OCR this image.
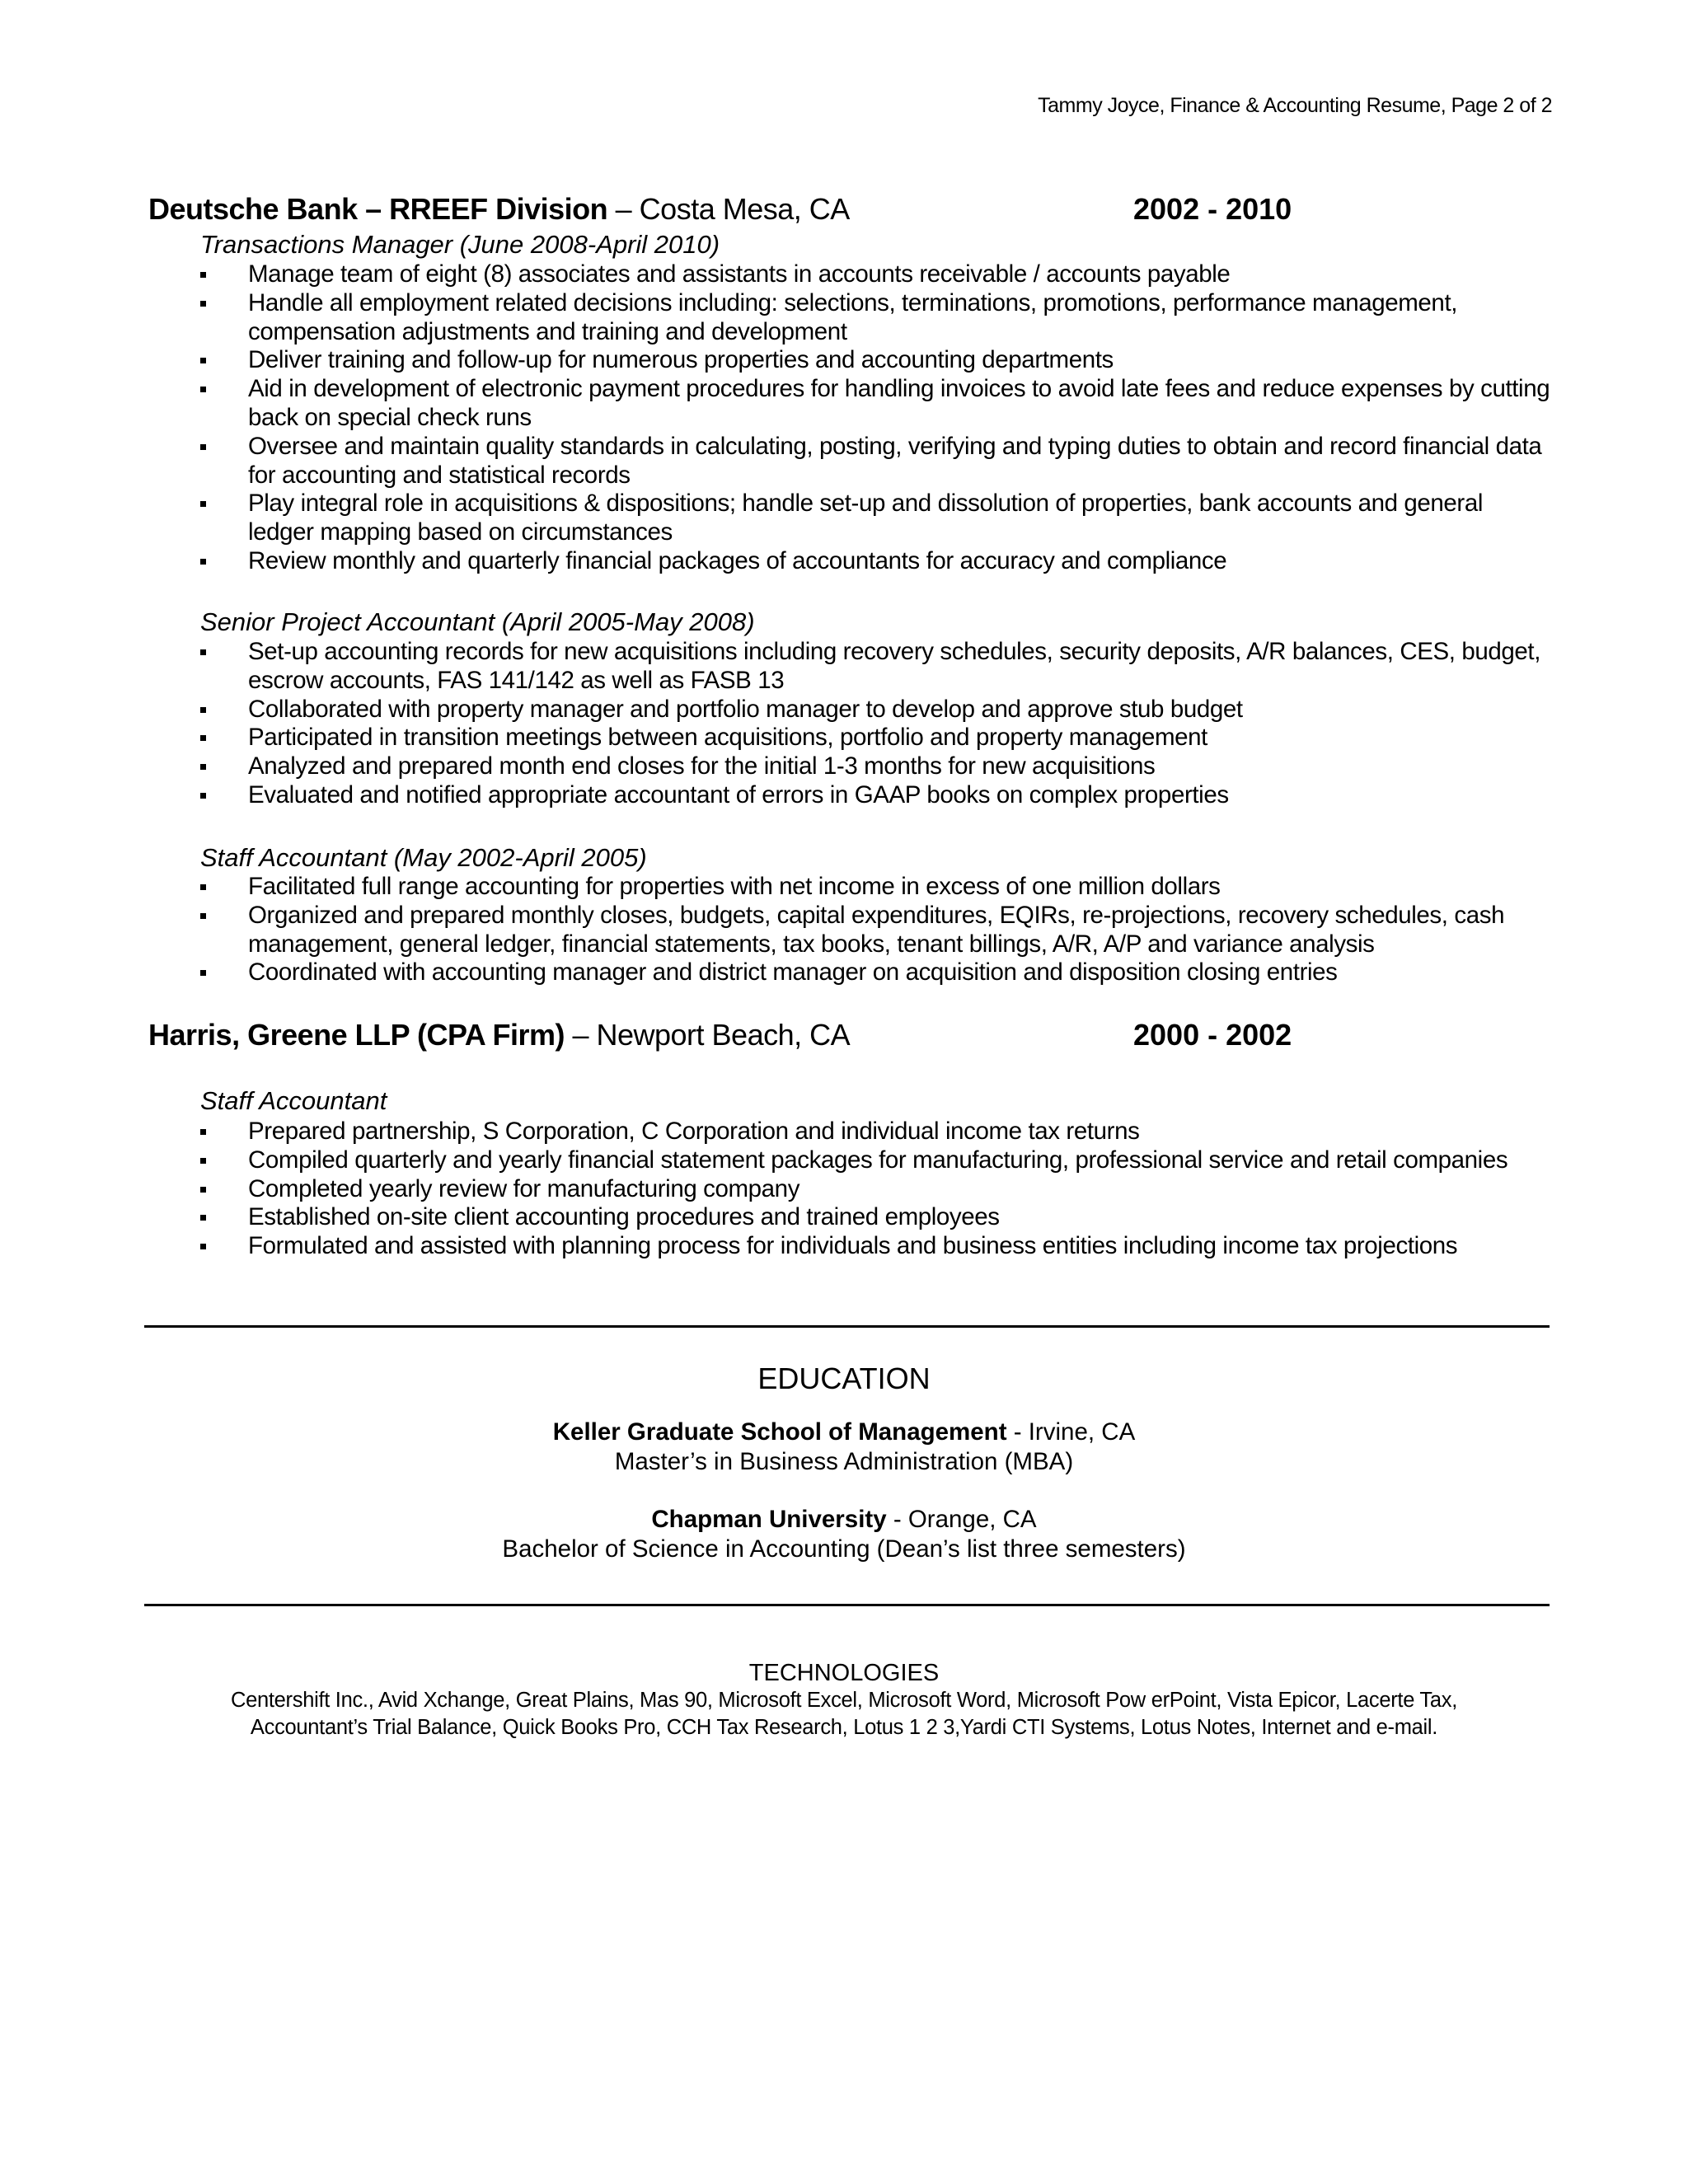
Tammy Joyce, Finance & Accounting Resume, Page 2 of 2
Deutsche Bank – RREEF Division – Costa Mesa, CA	2002 - 2010
Transactions Manager (June 2008-April 2010)
Manage team of eight (8) associates and assistants in accounts receivable / accounts payable
Handle all employment related decisions including: selections, terminations, promotions, performance management, compensation adjustments and training and development
Deliver training and follow-up for numerous properties and accounting departments
Aid in development of electronic payment procedures for handling invoices to avoid late fees and reduce expenses by cutting back on special check runs
Oversee and maintain quality standards in calculating, posting, verifying and typing duties to obtain and record financial data for accounting and statistical records
Play integral role in acquisitions & dispositions; handle set-up and dissolution of properties, bank accounts and general ledger mapping based on circumstances
Review monthly and quarterly financial packages of accountants for accuracy and compliance
Senior Project Accountant (April 2005-May 2008)
Set-up accounting records for new acquisitions including recovery schedules, security deposits, A/R balances, CES, budget, escrow accounts, FAS 141/142 as well as FASB 13
Collaborated with property manager and portfolio manager to develop and approve stub budget
Participated in transition meetings between acquisitions, portfolio and property management
Analyzed and prepared month end closes for the initial 1-3 months for new acquisitions
Evaluated and notified appropriate accountant of errors in GAAP books on complex properties
Staff Accountant (May 2002-April 2005)
Facilitated full range accounting for properties with net income in excess of one million dollars
Organized and prepared monthly closes, budgets, capital expenditures, EQIRs, re-projections, recovery schedules, cash management, general ledger, financial statements, tax books, tenant billings, A/R, A/P and variance analysis
Coordinated with accounting manager and district manager on acquisition and disposition closing entries
Harris, Greene LLP (CPA Firm) – Newport Beach, CA	2000 - 2002
Staff Accountant
Prepared partnership, S Corporation, C Corporation and individual income tax returns
Compiled quarterly and yearly financial statement packages for manufacturing, professional service and retail companies
Completed yearly review for manufacturing company
Established on-site client accounting procedures and trained employees
Formulated and assisted with planning process for individuals and business entities including income tax projections
EDUCATION
Keller Graduate School of Management - Irvine, CA
Master’s in Business Administration (MBA)
Chapman University - Orange, CA
Bachelor of Science in Accounting (Dean’s list three semesters)
TECHNOLOGIES
Centershift Inc., Avid Xchange, Great Plains, Mas 90, Microsoft Excel, Microsoft Word, Microsoft Pow erPoint, Vista Epicor, Lacerte Tax,
Accountant’s Trial Balance, Quick Books Pro, CCH Tax Research, Lotus 1 2 3,Yardi CTI Systems, Lotus Notes, Internet and e-mail.
